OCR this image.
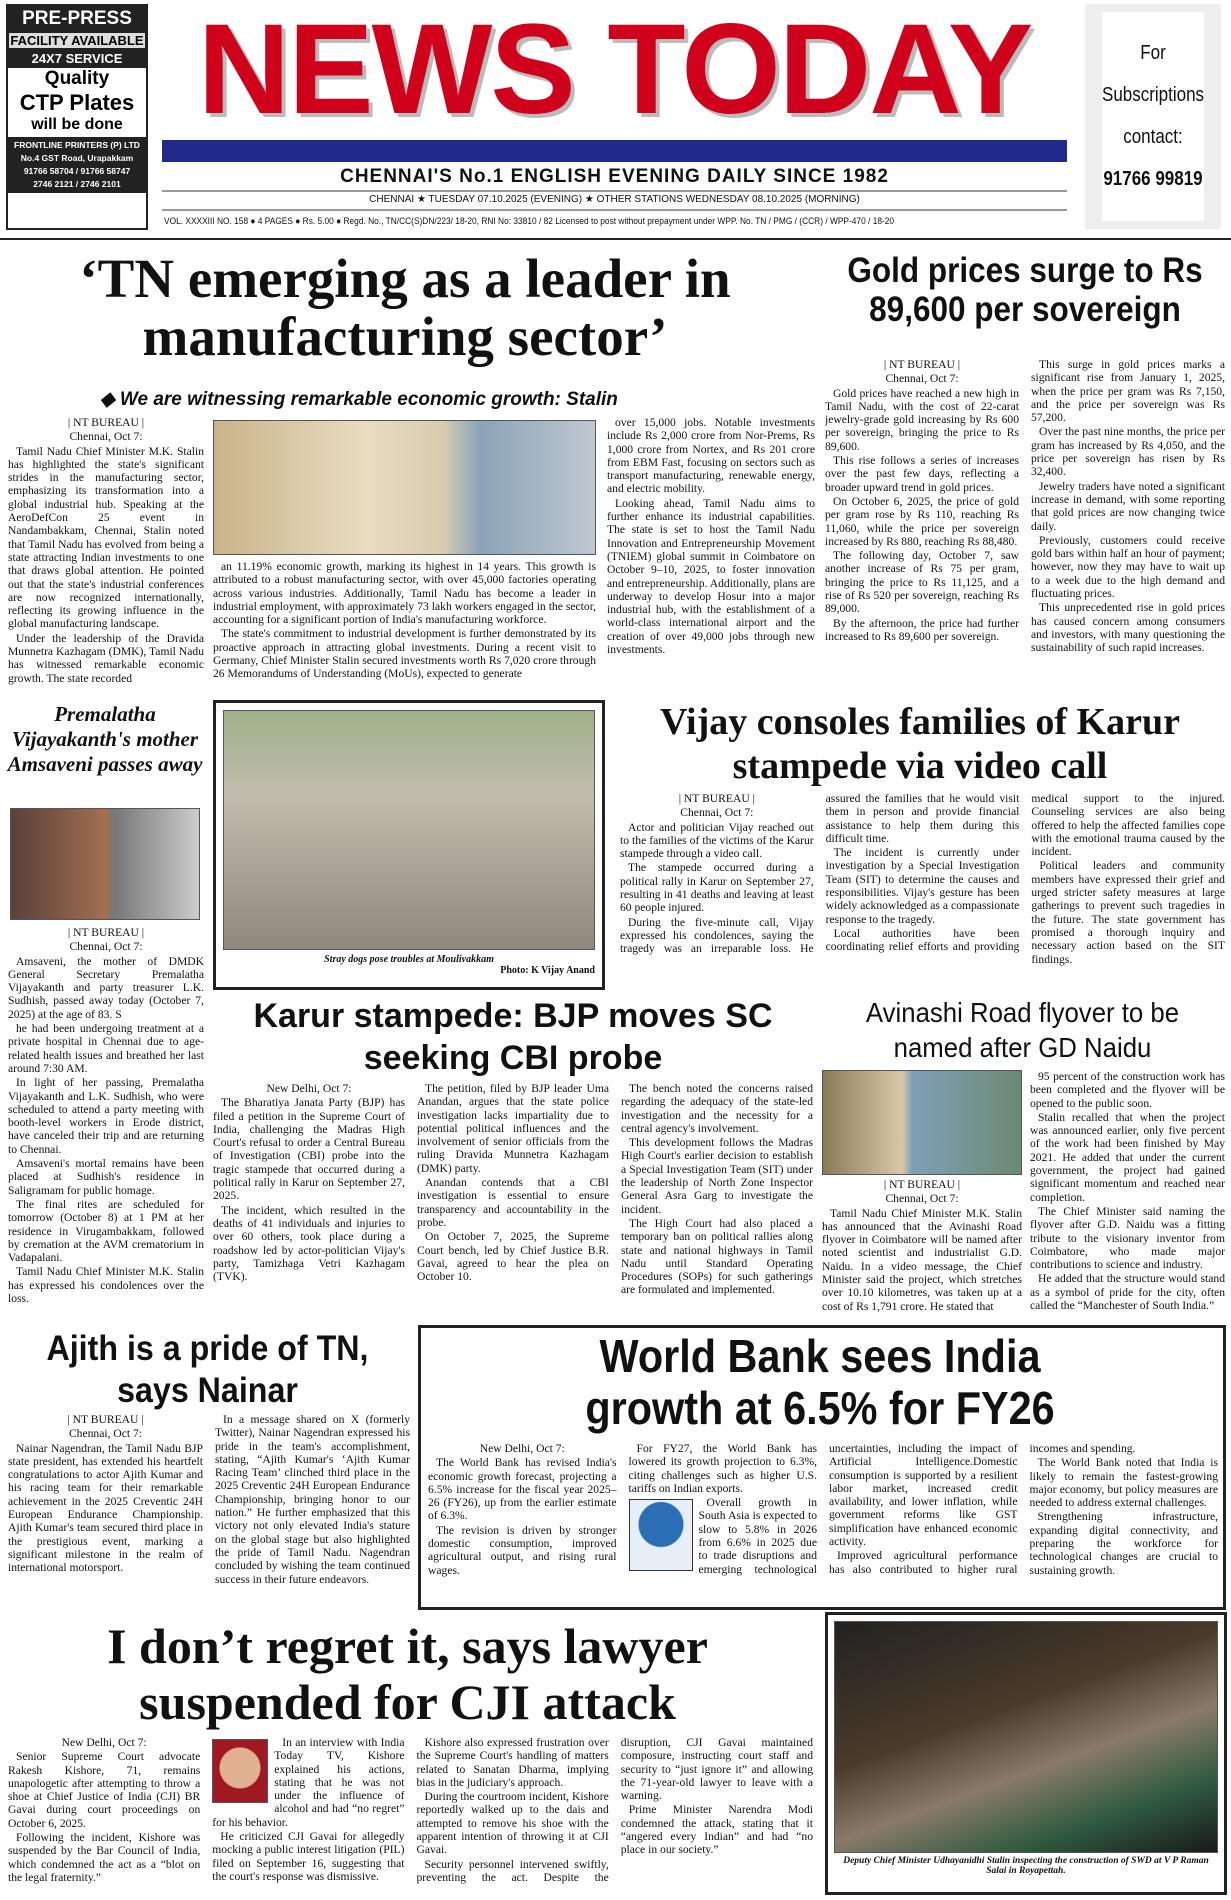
PRE-PRESS
FACILITY AVAILABLE
24X7 SERVICE
Quality
CTP Plates
will be done
FRONTLINE PRINTERS (P) LTD
No.4 GST Road, Urapakkam
91766 58704 / 91766 58747
2746 2121 / 2746 2101
NEWS TODAY
CHENNAI'S No.1 ENGLISH EVENING DAILY SINCE 1982
CHENNAI ★ TUESDAY 07.10.2025 (EVENING) ★ OTHER STATIONS WEDNESDAY 08.10.2025 (MORNING)
VOL. XXXXIII NO. 158 ● 4 PAGES ● Rs. 5.00 ● Regd. No., TN/CC(S)DN/223/ 18-20, RNI No: 33810 / 82 Licensed to post without prepayment under WPP. No. TN / PMG / (CCR) / WPP-470 / 18-20
For
Subscriptions
contact:
91766 99819
‘TN emerging as a leader in manufacturing sector’
◆ We are witnessing remarkable economic growth: Stalin

| NT BUREAU |

Chennai, Oct 7:

Tamil Nadu Chief Minister M.K. Stalin has highlighted the state's significant strides in the manufacturing sector, emphasizing its transformation into a global industrial hub. Speaking at the AeroDefCon 25 event in Nandambakkam, Chennai, Stalin noted that Tamil Nadu has evolved from being a state attracting Indian investments to one that draws global attention. He pointed out that the state's industrial conferences are now recognized internationally, reflecting its growing influence in the global manufacturing landscape.

Under the leadership of the Dravida Munnetra Kazhagam (DMK), Tamil Nadu has witnessed remarkable economic growth. The state recorded

an 11.19% economic growth, marking its highest in 14 years. This growth is attributed to a robust manufacturing sector, with over 45,000 factories operating across various industries. Additionally, Tamil Nadu has become a leader in industrial employment, with approximately 73 lakh workers engaged in the sector, accounting for a significant portion of India's manufacturing workforce.

The state's commitment to industrial development is further demonstrated by its proactive approach in attracting global investments. During a recent visit to Germany, Chief Minister Stalin secured investments worth Rs 7,020 crore through 26 Memorandums of Understanding (MoUs), expected to generate

over 15,000 jobs. Notable investments include Rs 2,000 crore from Nor-Prems, Rs 1,000 crore from Nortex, and Rs 201 crore from EBM Fast, focusing on sectors such as transport manufacturing, renewable energy, and electric mobility.

Looking ahead, Tamil Nadu aims to further enhance its industrial capabilities. The state is set to host the Tamil Nadu Innovation and Entrepreneurship Movement (TNIEM) global summit in Coimbatore on October 9–10, 2025, to foster innovation and entrepreneurship. Additionally, plans are underway to develop Hosur into a major industrial hub, with the establishment of a world-class international airport and the creation of over 49,000 jobs through new investments.

Gold prices surge to Rs 89,600 per sovereign

| NT BUREAU |

Chennai, Oct 7:

Gold prices have reached a new high in Tamil Nadu, with the cost of 22-carat jewelry-grade gold increasing by Rs 600 per sovereign, bringing the price to Rs 89,600.

This rise follows a series of increases over the past few days, reflecting a broader upward trend in gold prices.

On October 6, 2025, the price of gold per gram rose by Rs 110, reaching Rs 11,060, while the price per sovereign increased by Rs 880, reaching Rs 88,480.

The following day, October 7, saw another increase of Rs 75 per gram, bringing the price to Rs 11,125, and a rise of Rs 520 per sovereign, reaching Rs 89,000.

By the afternoon, the price had further increased to Rs 89,600 per sovereign.

This surge in gold prices marks a significant rise from January 1, 2025, when the price per gram was Rs 7,150, and the price per sovereign was Rs 57,200.

Over the past nine months, the price per gram has increased by Rs 4,050, and the price per sovereign has risen by Rs 32,400.

Jewelry traders have noted a significant increase in demand, with some reporting that gold prices are now changing twice daily.

Previously, customers could receive gold bars within half an hour of payment; however, now they may have to wait up to a week due to the high demand and fluctuating prices.

This unprecedented rise in gold prices has caused concern among consumers and investors, with many questioning the sustainability of such rapid increases.

Premalatha Vijayakanth's mother Amsaveni passes away

| NT BUREAU |

Chennai, Oct 7:

Amsaveni, the mother of DMDK General Secretary Premalatha Vijayakanth and party treasurer L.K. Sudhish, passed away today (October 7, 2025) at the age of 83. S

he had been undergoing treatment at a private hospital in Chennai due to age-related health issues and breathed her last around 7:30 AM.

In light of her passing, Premalatha Vijayakanth and L.K. Sudhish, who were scheduled to attend a party meeting with booth-level workers in Erode district, have canceled their trip and are returning to Chennai.

Amsaveni's mortal remains have been placed at Sudhish's residence in Saligramam for public homage.

The final rites are scheduled for tomorrow (October 8) at 1 PM at her residence in Virugambakkam, followed by cremation at the AVM crematorium in Vadapalani.

Tamil Nadu Chief Minister M.K. Stalin has expressed his condolences over the loss.

Stray dogs pose troubles at Moulivakkam
Photo: K Vijay Anand
Vijay consoles families of Karur stampede via video call

| NT BUREAU |

Chennai, Oct 7:

Actor and politician Vijay reached out to the families of the victims of the Karur stampede through a video call.

The stampede occurred during a political rally in Karur on September 27, resulting in 41 deaths and leaving at least 60 people injured.

During the five-minute call, Vijay expressed his condolences, saying the tragedy was an irreparable loss. He assured the families that he would visit them in person and provide financial assistance to help them during this difficult time.

The incident is currently under investigation by a Special Investigation Team (SIT) to determine the causes and responsibilities. Vijay's gesture has been widely acknowledged as a compassionate response to the tragedy.

Local authorities have been coordinating relief efforts and providing medical support to the injured. Counseling services are also being offered to help the affected families cope with the emotional trauma caused by the incident.

Political leaders and community members have expressed their grief and urged stricter safety measures at large gatherings to prevent such tragedies in the future. The state government has promised a thorough inquiry and necessary action based on the SIT findings.

Karur stampede: BJP moves SC seeking CBI probe

New Delhi, Oct 7:

The Bharatiya Janata Party (BJP) has filed a petition in the Supreme Court of India, challenging the Madras High Court's refusal to order a Central Bureau of Investigation (CBI) probe into the tragic stampede that occurred during a political rally in Karur on September 27, 2025.

The incident, which resulted in the deaths of 41 individuals and injuries to over 60 others, took place during a roadshow led by actor-politician Vijay's party, Tamizhaga Vetri Kazhagam (TVK).

The petition, filed by BJP leader Uma Anandan, argues that the state police investigation lacks impartiality due to potential political influences and the involvement of senior officials from the ruling Dravida Munnetra Kazhagam (DMK) party.

Anandan contends that a CBI investigation is essential to ensure transparency and accountability in the probe.

On October 7, 2025, the Supreme Court bench, led by Chief Justice B.R. Gavai, agreed to hear the plea on October 10.

The bench noted the concerns raised regarding the adequacy of the state-led investigation and the necessity for a central agency's involvement.

This development follows the Madras High Court's earlier decision to establish a Special Investigation Team (SIT) under the leadership of North Zone Inspector General Asra Garg to investigate the incident.

The High Court had also placed a temporary ban on political rallies along state and national highways in Tamil Nadu until Standard Operating Procedures (SOPs) for such gatherings are formulated and implemented.

Avinashi Road flyover to be named after GD Naidu

| NT BUREAU |

Chennai, Oct 7:

Tamil Nadu Chief Minister M.K. Stalin has announced that the Avinashi Road flyover in Coimbatore will be named after noted scientist and industrialist G.D. Naidu. In a video message, the Chief Minister said the project, which stretches over 10.10 kilometres, was taken up at a cost of Rs 1,791 crore. He stated that

95 percent of the construction work has been completed and the flyover will be opened to the public soon.

Stalin recalled that when the project was announced earlier, only five percent of the work had been finished by May 2021. He added that under the current government, the project had gained significant momentum and reached near completion.

The Chief Minister said naming the flyover after G.D. Naidu was a fitting tribute to the visionary inventor from Coimbatore, who made major contributions to science and industry.

He added that the structure would stand as a symbol of pride for the city, often called the “Manchester of South India.”

Ajith is a pride of TN, says Nainar

| NT BUREAU |

Chennai, Oct 7:

Nainar Nagendran, the Tamil Nadu BJP state president, has extended his heartfelt congratulations to actor Ajith Kumar and his racing team for their remarkable achievement in the 2025 Creventic 24H European Endurance Championship. Ajith Kumar's team secured third place in the prestigious event, marking a significant milestone in the realm of international motorsport.

In a message shared on X (formerly Twitter), Nainar Nagendran expressed his pride in the team's accomplishment, stating, “Ajith Kumar's ‘Ajith Kumar Racing Team’ clinched third place in the 2025 Creventic 24H European Endurance Championship, bringing honor to our nation.” He further emphasized that this victory not only elevated India's stature on the global stage but also highlighted the pride of Tamil Nadu. Nagendran concluded by wishing the team continued success in their future endeavors.

World Bank sees India growth at 6.5% for FY26

New Delhi, Oct 7:

The World Bank has revised India's economic growth forecast, projecting a 6.5% increase for the fiscal year 2025–26 (FY26), up from the earlier estimate of 6.3%.

The revision is driven by stronger domestic consumption, improved agricultural output, and rising rural wages.

For FY27, the World Bank has lowered its growth projection to 6.3%, citing challenges such as higher U.S. tariffs on Indian exports.

Overall growth in South Asia is expected to slow to 5.8% in 2026 from 6.6% in 2025 due to trade disruptions and emerging technological uncertainties, including the impact of Artificial Intelligence.Domestic consumption is supported by a resilient labor market, increased credit availability, and lower inflation, while government reforms like GST simplification have enhanced economic activity.

Improved agricultural performance has also contributed to higher rural incomes and spending.

The World Bank noted that India is likely to remain the fastest-growing major economy, but policy measures are needed to address external challenges.

Strengthening infrastructure, expanding digital connectivity, and preparing the workforce for technological changes are crucial to sustaining growth.

I don’t regret it, says lawyer suspended for CJI attack

New Delhi, Oct 7:

Senior Supreme Court advocate Rakesh Kishore, 71, remains unapologetic after attempting to throw a shoe at Chief Justice of India (CJI) BR Gavai during court proceedings on October 6, 2025.

Following the incident, Kishore was suspended by the Bar Council of India, which condemned the act as a “blot on the legal fraternity.”

In an interview with India Today TV, Kishore explained his actions, stating that he was not under the influence of alcohol and had “no regret” for his behavior.

He criticized CJI Gavai for allegedly mocking a public interest litigation (PIL) filed on September 16, suggesting that the court's response was dismissive.

Kishore also expressed frustration over the Supreme Court's handling of matters related to Sanatan Dharma, implying bias in the judiciary's approach.

During the courtroom incident, Kishore reportedly walked up to the dais and attempted to remove his shoe with the apparent intention of throwing it at CJI Gavai.

Security personnel intervened swiftly, preventing the act. Despite the disruption, CJI Gavai maintained composure, instructing court staff and security to “just ignore it” and allowing the 71-year-old lawyer to leave with a warning.

Prime Minister Narendra Modi condemned the attack, stating that it “angered every Indian” and had “no place in our society.”

Deputy Chief Minister Udhayanidhi Stalin inspecting the construction of SWD at V P Raman Salai in Royapettah.
